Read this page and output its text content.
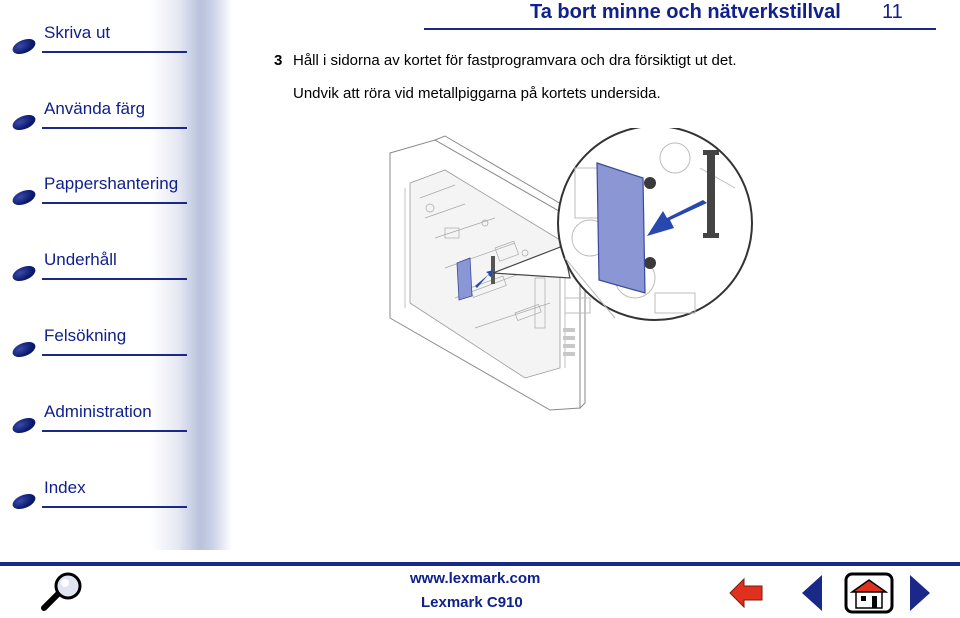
Skriva ut
Använda färg
Pappershantering
Underhåll
Felsökning
Administration
Index
Ta bort minne och nätverkstillval 11
3 Håll i sidorna av kortet för fastprogramvara och dra försiktigt ut det.
Undvik att röra vid metallpiggarna på kortets undersida.
www.lexmark.com
Lexmark C910
